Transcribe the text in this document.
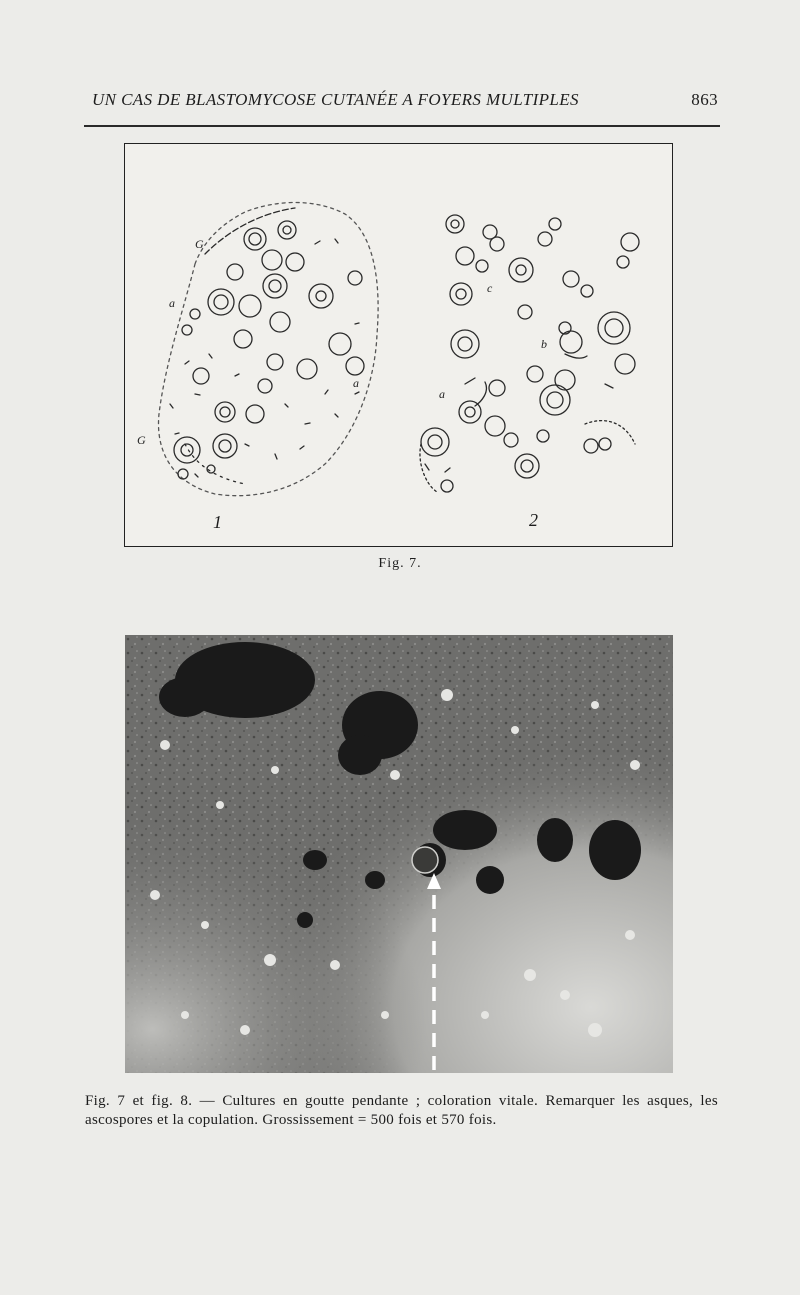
UN CAS DE BLASTOMYCOSE CUTANÉE A FOYERS MULTIPLES	863
a
G
a
G
a
b
c
1	2
Fig. 7.
Fig. 7 et fig. 8. — Cultures en goutte pendante ; coloration vitale. Remarquer les asques, les ascospores et la copulation. Grossissement = 500 fois et 570 fois.
